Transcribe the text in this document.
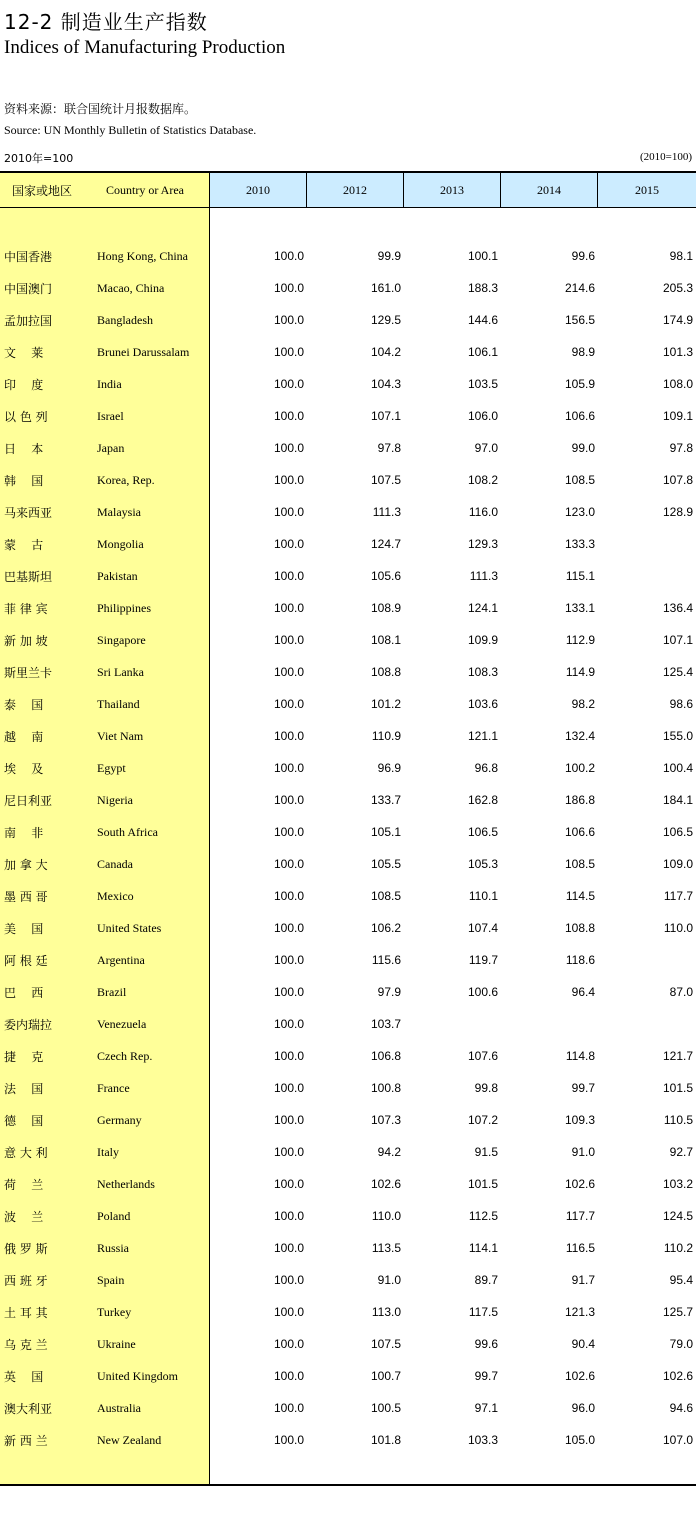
12-2 制造业生产指数
Indices of Manufacturing Production
资料来源：联合国统计月报数据库。
Source: UN Monthly Bulletin of Statistics Database.
2010年=100	(2010=100)
国家或地区	Country or Area	2010	2012	2013	2014	2015
中国香港	Hong Kong, China	100.0	99.9	100.1	99.6	98.1
中国澳门	Macao, China	100.0	161.0	188.3	214.6	205.3
孟加拉国	Bangladesh	100.0	129.5	144.6	156.5	174.9
文    莱	Brunei Darussalam	100.0	104.2	106.1	98.9	101.3
印    度	India	100.0	104.3	103.5	105.9	108.0
以 色 列	Israel	100.0	107.1	106.0	106.6	109.1
日    本	Japan	100.0	97.8	97.0	99.0	97.8
韩    国	Korea, Rep.	100.0	107.5	108.2	108.5	107.8
马来西亚	Malaysia	100.0	111.3	116.0	123.0	128.9
蒙    古	Mongolia	100.0	124.7	129.3	133.3
巴基斯坦	Pakistan	100.0	105.6	111.3	115.1
菲 律 宾	Philippines	100.0	108.9	124.1	133.1	136.4
新 加 坡	Singapore	100.0	108.1	109.9	112.9	107.1
斯里兰卡	Sri Lanka	100.0	108.8	108.3	114.9	125.4
泰    国	Thailand	100.0	101.2	103.6	98.2	98.6
越    南	Viet Nam	100.0	110.9	121.1	132.4	155.0
埃    及	Egypt	100.0	96.9	96.8	100.2	100.4
尼日利亚	Nigeria	100.0	133.7	162.8	186.8	184.1
南    非	South Africa	100.0	105.1	106.5	106.6	106.5
加 拿 大	Canada	100.0	105.5	105.3	108.5	109.0
墨 西 哥	Mexico	100.0	108.5	110.1	114.5	117.7
美    国	United States	100.0	106.2	107.4	108.8	110.0
阿 根 廷	Argentina	100.0	115.6	119.7	118.6
巴    西	Brazil	100.0	97.9	100.6	96.4	87.0
委内瑞拉	Venezuela	100.0	103.7
捷    克	Czech Rep.	100.0	106.8	107.6	114.8	121.7
法    国	France	100.0	100.8	99.8	99.7	101.5
德    国	Germany	100.0	107.3	107.2	109.3	110.5
意 大 利	Italy	100.0	94.2	91.5	91.0	92.7
荷    兰	Netherlands	100.0	102.6	101.5	102.6	103.2
波    兰	Poland	100.0	110.0	112.5	117.7	124.5
俄 罗 斯	Russia	100.0	113.5	114.1	116.5	110.2
西 班 牙	Spain	100.0	91.0	89.7	91.7	95.4
土 耳 其	Turkey	100.0	113.0	117.5	121.3	125.7
乌 克 兰	Ukraine	100.0	107.5	99.6	90.4	79.0
英    国	United Kingdom	100.0	100.7	99.7	102.6	102.6
澳大利亚	Australia	100.0	100.5	97.1	96.0	94.6
新 西 兰	New Zealand	100.0	101.8	103.3	105.0	107.0
